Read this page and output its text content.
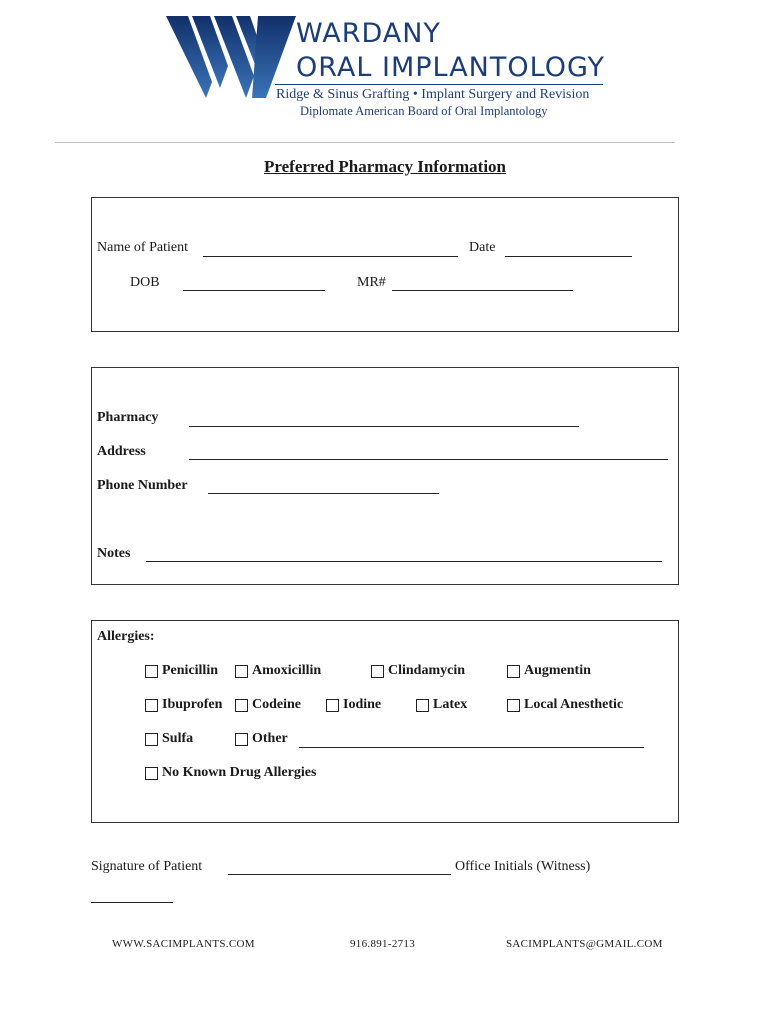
WARDANY
ORAL IMPLANTOLOGY
Ridge & Sinus Grafting • Implant Surgery and Revision
Diplomate American Board of Oral Implantology
Preferred Pharmacy Information
Name of Patient	Date
DOB	MR#
Pharmacy
Address
Phone Number
Notes
Allergies:
Penicillin Amoxicillin	Clindamycin	Augmentin
Ibuprofen Codeine	Iodine	Latex	Local Anesthetic
Sulfa	Other
No Known Drug Allergies
Signature of Patient	Office Initials (Witness)
WWW.SACIMPLANTS.COM	916.891-2713	SACIMPLANTS@GMAIL.COM
